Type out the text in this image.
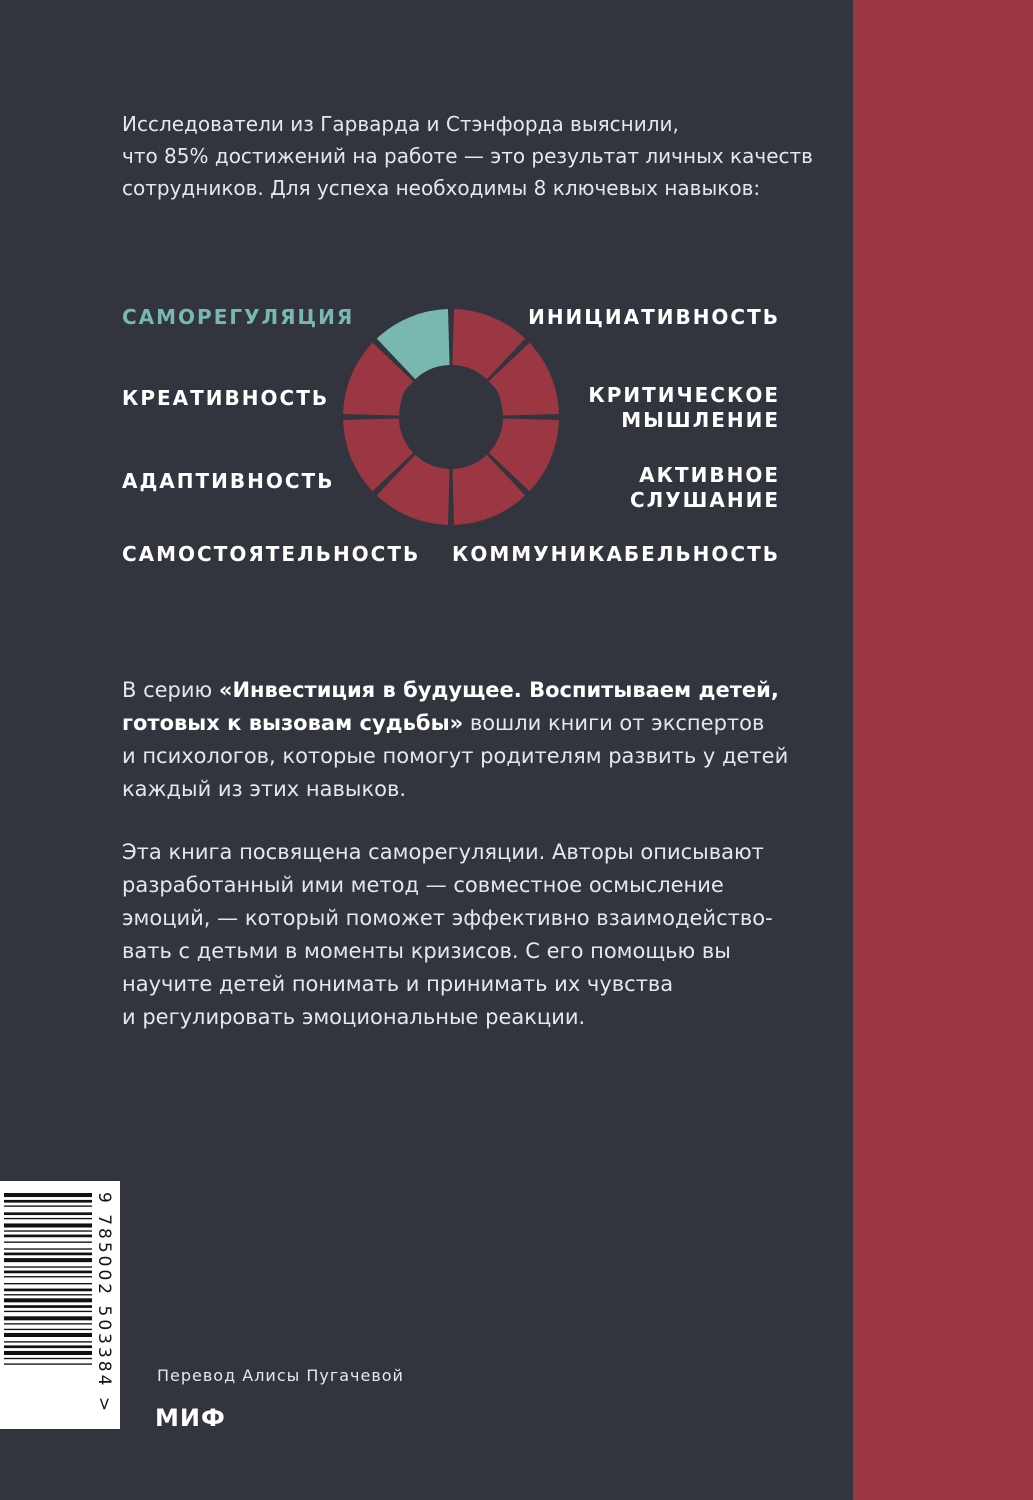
Исследователи из Гарварда и Стэнфорда выяснили,
что 85% достижений на работе — это результат личных качеств
сотрудников. Для успеха необходимы 8 ключевых навыков:
САМОРЕГУЛЯЦИЯ
КРЕАТИВНОСТЬ
АДАПТИВНОСТЬ
САМОСТОЯТЕЛЬНОСТЬ
ИНИЦИАТИВНОСТЬ
КРИТИЧЕСКОЕ
МЫШЛЕНИЕ
АКТИВНОЕ
СЛУШАНИЕ
КОММУНИКАБЕЛЬНОСТЬ
В серию «Инвестиция в будущее. Воспитываем детей,
готовых к вызовам судьбы» вошли книги от экспертов
и психологов, которые помогут родителям развить у детей
каждый из этих навыков.
Эта книга посвящена саморегуляции. Авторы описывают
разработанный ими метод — совместное осмысление
эмоций, — который поможет эффективно взаимодейство-
вать с детьми в моменты кризисов. С его помощью вы
научите детей понимать и принимать их чувства
и регулировать эмоциональные реакции.
9 785002 503384 >	Перевод Алисы Пугачевой
МИФ
